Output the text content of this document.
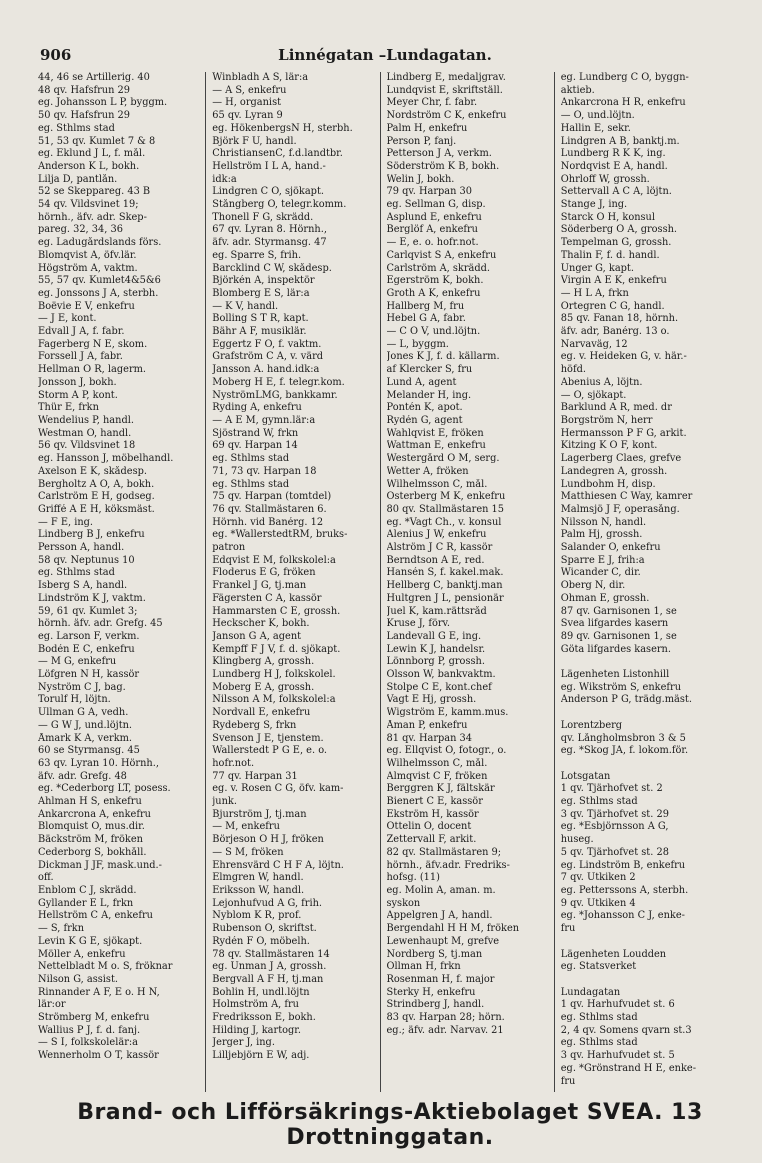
906	Linnégatan –Lundagatan.
44, 46 se Artillerig. 40
48 qv. Hafsfrun 29
eg. Johansson L P, byggm.
50 qv. Hafsfrun 29
eg. Sthlms stad
51, 53 qv. Kumlet 7 & 8
eg. Eklund J L, f. mål.
Anderson K L, bokh.
Lilja D, pantlån.
52 se Skeppareg. 43 B
54 qv. Vildsvinet 19;
hörnh., äfv. adr. Skep-
pareg. 32, 34, 36
eg. Ladugårdslands förs.
Blomqvist A, öfv.lär.
Högström A, vaktm.
55, 57 qv. Kumlet4&5&6
eg. Jonssons J A, sterbh.
Boëvie E V, enkefru
— J E, kont.
Edvall J A, f. fabr.
Fagerberg N E, skom.
Forssell J A, fabr.
Hellman O R, lagerm.
Jonsson J, bokh.
Storm A P, kont.
Thür E, frkn
Wendelius P, handl.
Westman O, handl.
56 qv. Vildsvinet 18
eg. Hansson J, möbelhandl.
Axelson E K, skådesp.
Bergholtz A O, A, bokh.
Carlström E H, godseg.
Griffé A E H, köksmäst.
— F E, ing.
Lindberg B J, enkefru
Persson A, handl.
58 qv. Neptunus 10
eg. Sthlms stad
Isberg S A, handl.
Lindström K J, vaktm.
59, 61 qv. Kumlet 3;
hörnh. äfv. adr. Grefg. 45
eg. Larson F, verkm.
Bodén E C, enkefru
— M G, enkefru
Löfgren N H, kassör
Nyström C J, bag.
Torulf H, löjtn.
Ullman G A, vedh.
— G W J, und.löjtn.
Åmark K A, verkm.
60 se Styrmansg. 45
63 qv. Lyran 10. Hörnh.,
äfv. adr. Grefg. 48
eg. *Cederborg LT, posess.
Ahlman H S, enkefru
Ankarcrona A, enkefru
Blomquist O, mus.dir.
Bäckström M, fröken
Cederborg S, bokhåll.
Dickman J JF, mask.und.-
off.
Enblom C J, skrädd.
Gyllander E L, frkn
Hellström C A, enkefru
— S, frkn
Levin K G E, sjökapt.
Möller A, enkefru
Nettelbladt M o. S, fröknar
Nilson G, assist.
Rinnander A F, E o. H N,
lär:or
Strömberg M, enkefru
Wallius P J, f. d. fanj.
— S I, folkskolelär:a
Wennerholm O T, kassör
Winbladh A S, lär:a
— A S, enkefru
— H, organist
65 qv. Lyran 9
eg. HökenbergsN H, sterbh.
Björk F U, handl.
ChristiansenC, f.d.landtbr.
Hellström I L A, hand.-
idk:a
Lindgren C O, sjökapt.
Stångberg O, telegr.komm.
Thonell F G, skrädd.
67 qv. Lyran 8. Hörnh.,
äfv. adr. Styrmansg. 47
eg. Sparre S, frih.
Barcklind C W, skådesp.
Björkén A, inspektör
Blomberg E S, lär:a
— K V, handl.
Bolling S T R, kapt.
Bähr A F, musiklär.
Eggertz F O, f. vaktm.
Grafström C A, v. värd
Jansson A. hand.idk:a
Moberg H E, f. telegr.kom.
NyströmLMG, bankkamr.
Ryding A, enkefru
— A E M, gymn.lär:a
Sjöstrand W, frkn
69 qv. Harpan 14
eg. Sthlms stad
71, 73 qv. Harpan 18
eg. Sthlms stad
75 qv. Harpan (tomtdel)
76 qv. Stallmästaren 6.
Hörnh. vid Banérg. 12
eg. *WallerstedtRM, bruks-
patron
Edqvist E M, folkskolel:a
Floderus E G, fröken
Frankel J G, tj.man
Fägersten C A, kassör
Hammarsten C E, grossh.
Heckscher K, bokh.
Janson G A, agent
Kempff F J V, f. d. sjökapt.
Klingberg A, grossh.
Lundberg H J, folkskolel.
Moberg E A, grossh.
Nilsson A M, folkskolel:a
Nordvall E, enkefru
Rydeberg S, frkn
Svenson J E, tjenstem.
Wallerstedt P G E, e. o.
hofr.not.
77 qv. Harpan 31
eg. v. Rosen C G, öfv. kam-
junk.
Bjurström J, tj.man
— M, enkefru
Börjeson O H J, fröken
— S M, fröken
Ehrensvärd C H F A, löjtn.
Elmgren W, handl.
Eriksson W, handl.
Lejonhufvud A G, frih.
Nyblom K R, prof.
Rubenson O, skriftst.
Rydén F O, möbelh.
78 qv. Stallmästaren 14
eg. Unman J A, grossh.
Bergvall A F H, tj.man
Bohlin H, undl.löjtn
Holmström A, fru
Fredriksson E, bokh.
Hilding J, kartogr.
Jerger J, ing.
Lilljebjörn E W, adj.
Lindberg E, medaljgrav.
Lundqvist E, skriftställ.
Meyer Chr, f. fabr.
Nordström C K, enkefru
Palm H, enkefru
Person P, fanj.
Petterson J A, verkm.
Söderström K B, bokh.
Welin J, bokh.
79 qv. Harpan 30
eg. Sellman G, disp.
Asplund E, enkefru
Berglöf A, enkefru
— E, e. o. hofr.not.
Carlqvist S A, enkefru
Carlström A, skrädd.
Egerström K, bokh.
Groth A K, enkefru
Hallberg M, fru
Hebel G A, fabr.
— C O V, und.löjtn.
— L, byggm.
Jones K J, f. d. källarm.
af Klercker S, fru
Lund A, agent
Melander H, ing.
Pontén K, apot.
Rydén G, agent
Wahlqvist E, fröken
Wattman E, enkefru
Westergård O M, serg.
Wetter A, fröken
Wilhelmsson C, mål.
Österberg M K, enkefru
80 qv. Stallmästaren 15
eg. *Vagt Ch., v. konsul
Alenius J W, enkefru
Alström J C R, kassör
Berndtson A E, red.
Hansén S, f. kakel.mak.
Hellberg C, banktj.man
Hultgren J L, pensionär
Juel K, kam.rättsråd
Kruse J, förv.
Landevall G E, ing.
Lewin K J, handelsr.
Lönnborg P, grossh.
Olsson W, bankvaktm.
Stolpe C E, kont.chef
Vagt E Hj, grossh.
Wigström E, kamm.mus.
Åman P, enkefru
81 qv. Harpan 34
eg. Ellqvist O, fotogr., o.
Wilhelmsson C, mål.
Almqvist C F, fröken
Berggren K J, fältskär
Bienert C E, kassör
Ekström H, kassör
Ottelin O, docent
Zettervall F, arkit.
82 qv. Stallmästaren 9;
hörnh., äfv.adr. Fredriks-
hofsg. (11)
eg. Molin A, aman. m.
syskon
Appelgren J A, handl.
Bergendahl H H M, fröken
Lewenhaupt M, grefve
Nordberg S, tj.man
Ollman H, frkn
Rosenman H, f. major
Sterky H, enkefru
Strindberg J, handl.
83 qv. Harpan 28; hörn.
eg.; äfv. adr. Narvav. 21
eg. Lundberg C O, byggn-
aktieb.
Ankarcrona H R, enkefru
— O, und.löjtn.
Hallin E, sekr.
Lindgren A B, banktj.m.
Lundberg R K K, ing.
Nordqvist E A, handl.
Ohrloff W, grossh.
Settervall A C A, löjtn.
Stange J, ing.
Starck O H, konsul
Söderberg O A, grossh.
Tempelman G, grossh.
Thalin F, f. d. handl.
Unger G, kapt.
Virgin A E K, enkefru
— H L A, frkn
Örtegren C G, handl.
85 qv. Fanan 18, hörnh.
äfv. adr, Banérg. 13 o.
Narvaväg, 12
eg. v. Heideken G, v. här.-
höfd.
Abenius A, löjtn.
— O, sjökapt.
Barklund A R, med. dr
Borgström N, herr
Hermansson P F G, arkit.
Kitzing K O F, kont.
Lagerberg Claes, grefve
Landegren A, grossh.
Lundbohm H, disp.
Matthiesen C Way, kamrer
Malmsjö J F, operasång.
Nilsson N, handl.
Palm Hj, grossh.
Salander O, enkefru
Sparre E J, frih:a
Wicander C, dir.
Öberg N, dir.
Öhman E, grossh.
87 qv. Garnisonen 1, se
Svea lifgardes kasern
89 qv. Garnisonen 1, se
Göta lifgardes kasern.

Lägenheten Listonhill
eg. Wikström S, enkefru
Anderson P G, trädg.mäst.

Lorentzberg
qv. Långholmsbron 3 & 5
eg. *Skog JA, f. lokom.för.

Lotsgatan
1 qv. Tjärhofvet st. 2
eg. Sthlms stad
3 qv. Tjärhofvet st. 29
eg. *Esbjörnsson A G,
huseg.
5 qv. Tjärhofvet st. 28
eg. Lindström B, enkefru
7 qv. Utkiken 2
eg. Petterssons A, sterbh.
9 qv. Utkiken 4
eg. *Johansson C J, enke-
fru

Lägenheten Loudden
eg. Statsverket

Lundagatan
1 qv. Harhufvudet st. 6
eg. Sthlms stad
2, 4 qv. Somens qvarn st.3
eg. Sthlms stad
3 qv. Harhufvudet st. 5
eg. *Grönstrand H E, enke-
fru
Brand- och Lifförsäkrings-Aktiebolaget SVEA. 13 Drottninggatan.
